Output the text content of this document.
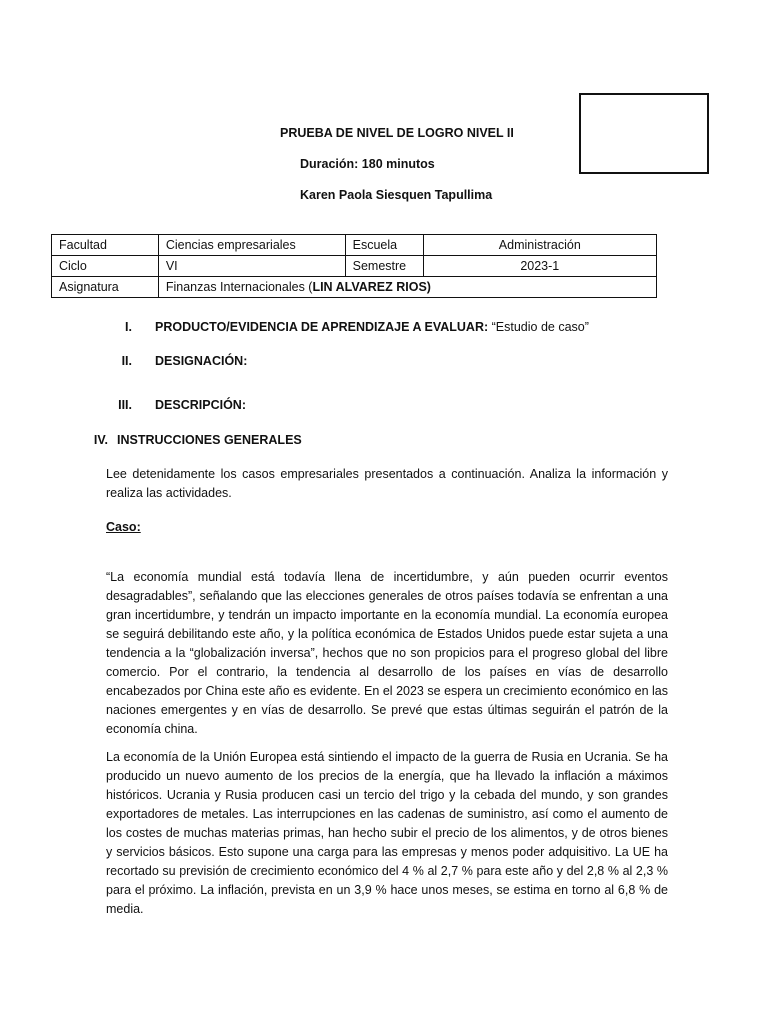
PRUEBA DE NIVEL DE LOGRO NIVEL II
Duración: 180 minutos
Karen Paola Siesquen Tapullima
Facultad	Ciencias empresariales	Escuela	Administración
Ciclo	VI	Semestre	2023-1
Asignatura	Finanzas Internacionales (LIN ALVAREZ RIOS)		
I. PRODUCTO/EVIDENCIA DE APRENDIZAJE A EVALUAR: “Estudio de caso”
II. DESIGNACIÓN:
III. DESCRIPCIÓN:
IV. INSTRUCCIONES GENERALES
Lee detenidamente los casos empresariales presentados a continuación. Analiza la información y realiza las actividades.
Caso:
“La economía mundial está todavía llena de incertidumbre, y aún pueden ocurrir eventos desagradables”, señalando que las elecciones generales de otros países todavía se enfrentan a una gran incertidumbre, y tendrán un impacto importante en la economía mundial. La economía europea se seguirá debilitando este año, y la política económica de Estados Unidos puede estar sujeta a una tendencia a la “globalización inversa”, hechos que no son propicios para el progreso global del libre comercio. Por el contrario, la tendencia al desarrollo de los países en vías de desarrollo encabezados por China este año es evidente. En el 2023 se espera un crecimiento económico en las naciones emergentes y en vías de desarrollo. Se prevé que estas últimas seguirán el patrón de la economía china.
La economía de la Unión Europea está sintiendo el impacto de la guerra de Rusia en Ucrania. Se ha producido un nuevo aumento de los precios de la energía, que ha llevado la inflación a máximos históricos. Ucrania y Rusia producen casi un tercio del trigo y la cebada del mundo, y son grandes exportadores de metales. Las interrupciones en las cadenas de suministro, así como el aumento de los costes de muchas materias primas, han hecho subir el precio de los alimentos, y de otros bienes y servicios básicos. Esto supone una carga para las empresas y menos poder adquisitivo. La UE ha recortado su previsión de crecimiento económico del 4 % al 2,7 % para este año y del 2,8 % al 2,3 % para el próximo. La inflación, prevista en un 3,9 % hace unos meses, se estima en torno al 6,8 % de media.
